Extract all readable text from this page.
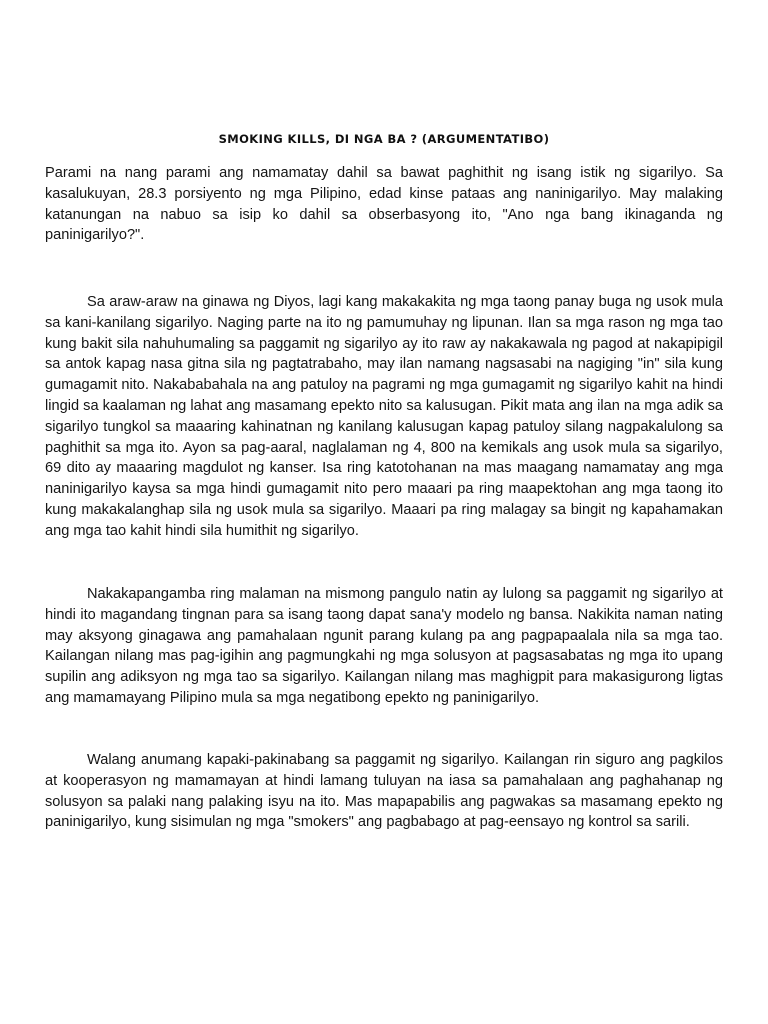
SMOKING KILLS, DI NGA BA ? (ARGUMENTATIBO)

Parami na nang parami ang namamatay dahil sa bawat paghithit ng isang istik ng sigarilyo. Sa kasalukuyan, 28.3 porsiyento ng mga Pilipino, edad kinse pataas ang naninigarilyo. May malaking katanungan na nabuo sa isip ko dahil sa obserbasyong ito, "Ano nga bang ikinaganda ng paninigarilyo?".

Sa araw-araw na ginawa ng Diyos, lagi kang makakakita ng mga taong panay buga ng usok mula sa kani-kanilang sigarilyo. Naging parte na ito ng pamumuhay ng lipunan. Ilan sa mga rason ng mga tao kung bakit sila nahuhumaling sa paggamit ng sigarilyo ay ito raw ay nakakawala ng pagod at nakapipigil sa antok kapag nasa gitna sila ng pagtatrabaho, may ilan namang nagsasabi na nagiging "in" sila kung gumagamit nito. Nakababahala na ang patuloy na pagrami ng mga gumagamit ng sigarilyo kahit na hindi lingid sa kaalaman ng lahat ang masamang epekto nito sa kalusugan. Pikit mata ang ilan na mga adik sa sigarilyo tungkol sa maaaring kahinatnan ng kanilang kalusugan kapag patuloy silang nagpakalulong sa paghithit sa mga ito. Ayon sa pag-aaral, naglalaman ng 4, 800 na kemikals ang usok mula sa sigarilyo, 69 dito ay maaaring magdulot ng kanser. Isa ring katotohanan na mas maagang namamatay ang mga naninigarilyo kaysa sa mga hindi gumagamit nito pero maaari pa ring maapektohan ang mga taong ito kung makakalanghap sila ng usok mula sa sigarilyo. Maaari pa ring malagay sa bingit ng kapahamakan ang mga tao kahit hindi sila humithit ng sigarilyo.

Nakakapangamba ring malaman na mismong pangulo natin ay lulong sa paggamit ng sigarilyo at hindi ito magandang tingnan para sa isang taong dapat sana'y modelo ng bansa. Nakikita naman nating may aksyong ginagawa ang pamahalaan ngunit parang kulang pa ang pagpapaalala nila sa mga tao. Kailangan nilang mas pag-igihin ang pagmungkahi ng mga solusyon at pagsasabatas ng mga ito upang supilin ang adiksyon ng mga tao sa sigarilyo. Kailangan nilang mas maghigpit para makasigurong ligtas ang mamamayang Pilipino mula sa mga negatibong epekto ng paninigarilyo.

Walang anumang kapaki-pakinabang sa paggamit ng sigarilyo. Kailangan rin siguro ang pagkilos at kooperasyon ng mamamayan at hindi lamang tuluyan na iasa sa pamahalaan ang paghahanap ng solusyon sa palaki nang palaking isyu na ito. Mas mapapabilis ang pagwakas sa masamang epekto ng paninigarilyo, kung sisimulan ng mga "smokers" ang pagbabago at pag-eensayo ng kontrol sa sarili.
